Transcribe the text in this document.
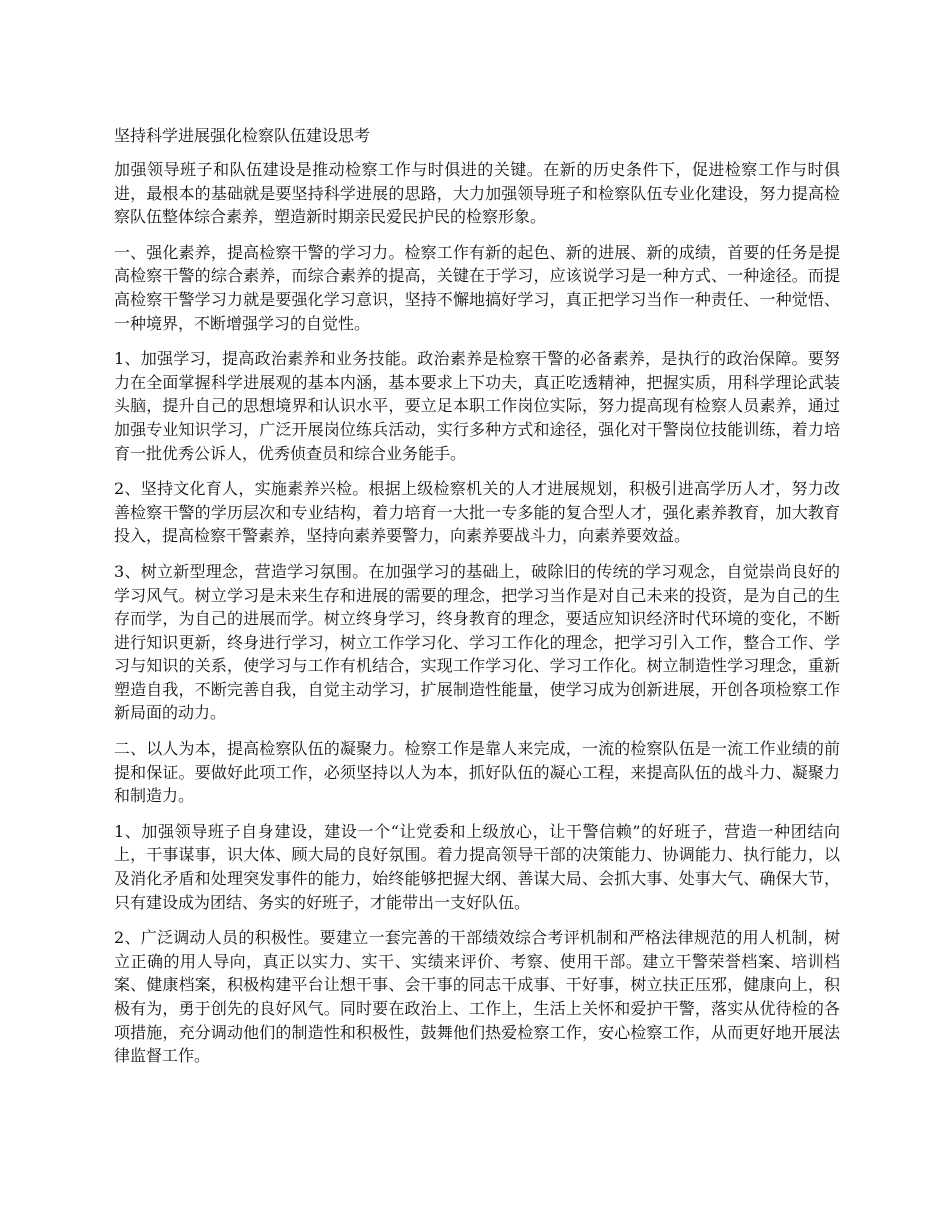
坚持科学进展强化检察队伍建设思考

加强领导班子和队伍建设是推动检察工作与时俱进的关键。在新的历史条件下，促进检察工作与时俱进，最根本的基础就是要坚持科学进展的思路，大力加强领导班子和检察队伍专业化建设，努力提高检察队伍整体综合素养，塑造新时期亲民爱民护民的检察形象。

一、强化素养，提高检察干警的学习力。检察工作有新的起色、新的进展、新的成绩，首要的任务是提高检察干警的综合素养，而综合素养的提高，关键在于学习，应该说学习是一种方式、一种途径。而提高检察干警学习力就是要强化学习意识，坚持不懈地搞好学习，真正把学习当作一种责任、一种觉悟、一种境界，不断增强学习的自觉性。

1、加强学习，提高政治素养和业务技能。政治素养是检察干警的必备素养，是执行的政治保障。要努力在全面掌握科学进展观的基本内涵，基本要求上下功夫，真正吃透精神，把握实质，用科学理论武装头脑，提升自己的思想境界和认识水平，要立足本职工作岗位实际，努力提高现有检察人员素养，通过加强专业知识学习，广泛开展岗位练兵活动，实行多种方式和途径，强化对干警岗位技能训练，着力培育一批优秀公诉人，优秀侦查员和综合业务能手。

2、坚持文化育人，实施素养兴检。根据上级检察机关的人才进展规划，积极引进高学历人才，努力改善检察干警的学历层次和专业结构，着力培育一大批一专多能的复合型人才，强化素养教育，加大教育投入，提高检察干警素养，坚持向素养要警力，向素养要战斗力，向素养要效益。

3、树立新型理念，营造学习氛围。在加强学习的基础上，破除旧的传统的学习观念，自觉崇尚良好的学习风气。树立学习是未来生存和进展的需要的理念，把学习当作是对自己未来的投资，是为自己的生存而学，为自己的进展而学。树立终身学习，终身教育的理念，要适应知识经济时代环境的变化，不断进行知识更新，终身进行学习，树立工作学习化、学习工作化的理念，把学习引入工作，整合工作、学习与知识的关系，使学习与工作有机结合，实现工作学习化、学习工作化。树立制造性学习理念，重新塑造自我，不断完善自我，自觉主动学习，扩展制造性能量，使学习成为创新进展，开创各项检察工作新局面的动力。

二、以人为本，提高检察队伍的凝聚力。检察工作是靠人来完成，一流的检察队伍是一流工作业绩的前提和保证。要做好此项工作，必须坚持以人为本，抓好队伍的凝心工程，来提高队伍的战斗力、凝聚力和制造力。

1、加强领导班子自身建设，建设一个“让党委和上级放心，让干警信赖”的好班子，营造一种团结向上，干事谋事，识大体、顾大局的良好氛围。着力提高领导干部的决策能力、协调能力、执行能力，以及消化矛盾和处理突发事件的能力，始终能够把握大纲、善谋大局、会抓大事、处事大气、确保大节，只有建设成为团结、务实的好班子，才能带出一支好队伍。

2、广泛调动人员的积极性。要建立一套完善的干部绩效综合考评机制和严格法律规范的用人机制，树立正确的用人导向，真正以实力、实干、实绩来评价、考察、使用干部。建立干警荣誉档案、培训档案、健康档案，积极构建平台让想干事、会干事的同志干成事、干好事，树立扶正压邪，健康向上，积极有为，勇于创先的良好风气。同时要在政治上、工作上，生活上关怀和爱护干警，落实从优待检的各项措施，充分调动他们的制造性和积极性，鼓舞他们热爱检察工作，安心检察工作，从而更好地开展法律监督工作。
